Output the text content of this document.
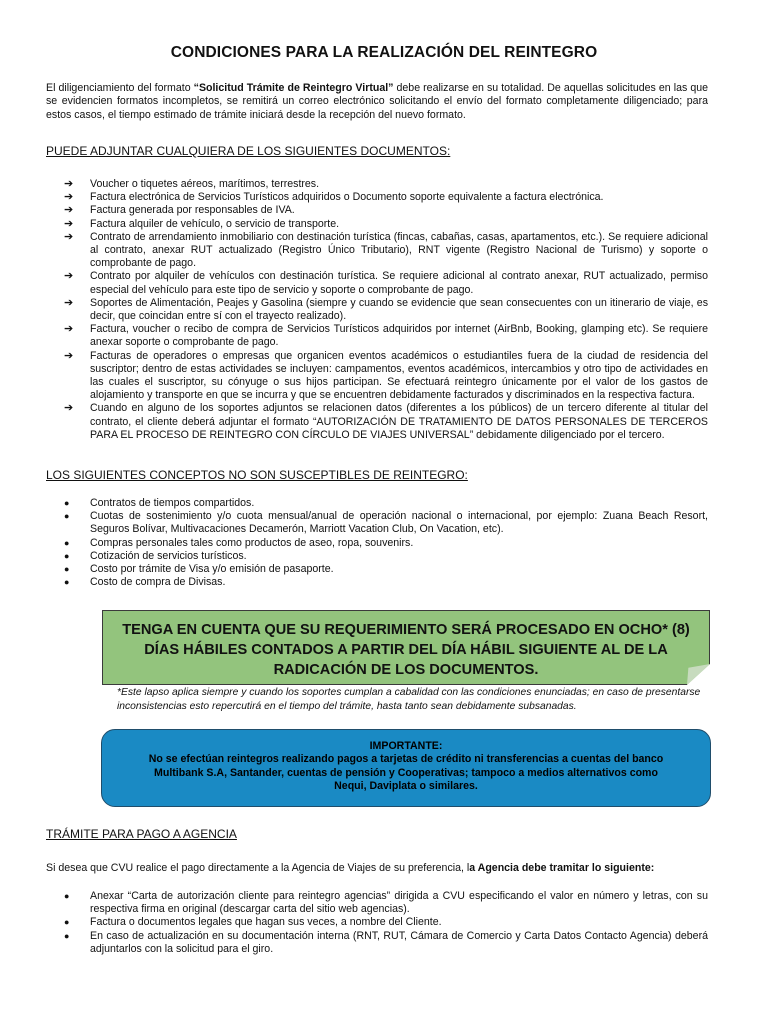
CONDICIONES PARA LA REALIZACIÓN DEL REINTEGRO

El diligenciamiento del formato “Solicitud Trámite de Reintegro Virtual” debe realizarse en su totalidad. De aquellas solicitudes en las que se evidencien formatos incompletos, se remitirá un correo electrónico solicitando el envío del formato completamente diligenciado; para estos casos, el tiempo estimado de trámite iniciará desde la recepción del nuevo formato.

PUEDE ADJUNTAR CUALQUIERA DE LOS SIGUIENTES DOCUMENTOS:

➔	Voucher o tiquetes aéreos, marítimos, terrestres.
➔	Factura electrónica de Servicios Turísticos adquiridos o Documento soporte equivalente a factura electrónica.
➔	Factura generada por responsables de IVA.
➔	Factura alquiler de vehículo, o servicio de transporte.
➔	Contrato de arrendamiento inmobiliario con destinación turística (fincas, cabañas, casas, apartamentos, etc.). Se requiere adicional al contrato, anexar RUT actualizado (Registro Único Tributario), RNT vigente (Registro Nacional de Turismo) y soporte o comprobante de pago.
➔	Contrato por alquiler de vehículos con destinación turística. Se requiere adicional al contrato anexar, RUT actualizado, permiso especial del vehículo para este tipo de servicio y soporte o comprobante de pago.
➔	Soportes de Alimentación, Peajes y Gasolina (siempre y cuando se evidencie que sean consecuentes con un itinerario de viaje, es decir, que coincidan entre sí con el trayecto realizado).
➔	Factura, voucher o recibo de compra de Servicios Turísticos adquiridos por internet (AirBnb, Booking, glamping etc). Se requiere anexar soporte o comprobante de pago.
➔	Facturas de operadores o empresas que organicen eventos académicos o estudiantiles fuera de la ciudad de residencia del suscriptor; dentro de estas actividades se incluyen: campamentos, eventos académicos, intercambios y otro tipo de actividades en las cuales el suscriptor, su cónyuge o sus hijos participan. Se efectuará reintegro únicamente por el valor de los gastos de alojamiento y transporte en que se incurra y que se encuentren debidamente facturados y discriminados en la respectiva factura.
➔	Cuando en alguno de los soportes adjuntos se relacionen datos (diferentes a los públicos) de un tercero diferente al titular del contrato, el cliente deberá adjuntar el formato “AUTORIZACIÓN DE TRATAMIENTO DE DATOS PERSONALES DE TERCEROS PARA EL PROCESO DE REINTEGRO CON CÍRCULO DE VIAJES UNIVERSAL” debidamente diligenciado por el tercero.

LOS SIGUIENTES CONCEPTOS NO SON SUSCEPTIBLES DE REINTEGRO:

●	Contratos de tiempos compartidos.
●	Cuotas de sostenimiento y/o cuota mensual/anual de operación nacional o internacional, por ejemplo: Zuana Beach Resort, Seguros Bolívar, Multivacaciones Decamerón, Marriott Vacation Club, On Vacation, etc).
●	Compras personales tales como productos de aseo, ropa, souvenirs.
●	Cotización de servicios turísticos.
●	Costo por trámite de Visa y/o emisión de pasaporte.
●	Costo de compra de Divisas.

TENGA EN CUENTA QUE SU REQUERIMIENTO SERÁ PROCESADO EN OCHO* (8) DÍAS HÁBILES CONTADOS A PARTIR DEL DÍA HÁBIL SIGUIENTE AL DE LA RADICACIÓN DE LOS DOCUMENTOS.

*Este lapso aplica siempre y cuando los soportes cumplan a cabalidad con las condiciones enunciadas; en caso de presentarse inconsistencias esto repercutirá en el tiempo del trámite, hasta tanto sean debidamente subsanadas.

IMPORTANTE:
No se efectúan reintegros realizando pagos a tarjetas de crédito ni transferencias a cuentas del banco
Multibank S.A, Santander, cuentas de pensión y Cooperativas; tampoco a medios alternativos como
Nequi, Daviplata o similares.

TRÁMITE PARA PAGO A AGENCIA

Si desea que CVU realice el pago directamente a la Agencia de Viajes de su preferencia, la Agencia debe tramitar lo siguiente:

●	Anexar “Carta de autorización cliente para reintegro agencias” dirigida a CVU especificando el valor en número y letras, con su respectiva firma en original (descargar carta del sitio web agencias).
●	Factura o documentos legales que hagan sus veces, a nombre del Cliente.
●	En caso de actualización en su documentación interna (RNT, RUT, Cámara de Comercio y Carta Datos Contacto Agencia) deberá adjuntarlos con la solicitud para el giro.
